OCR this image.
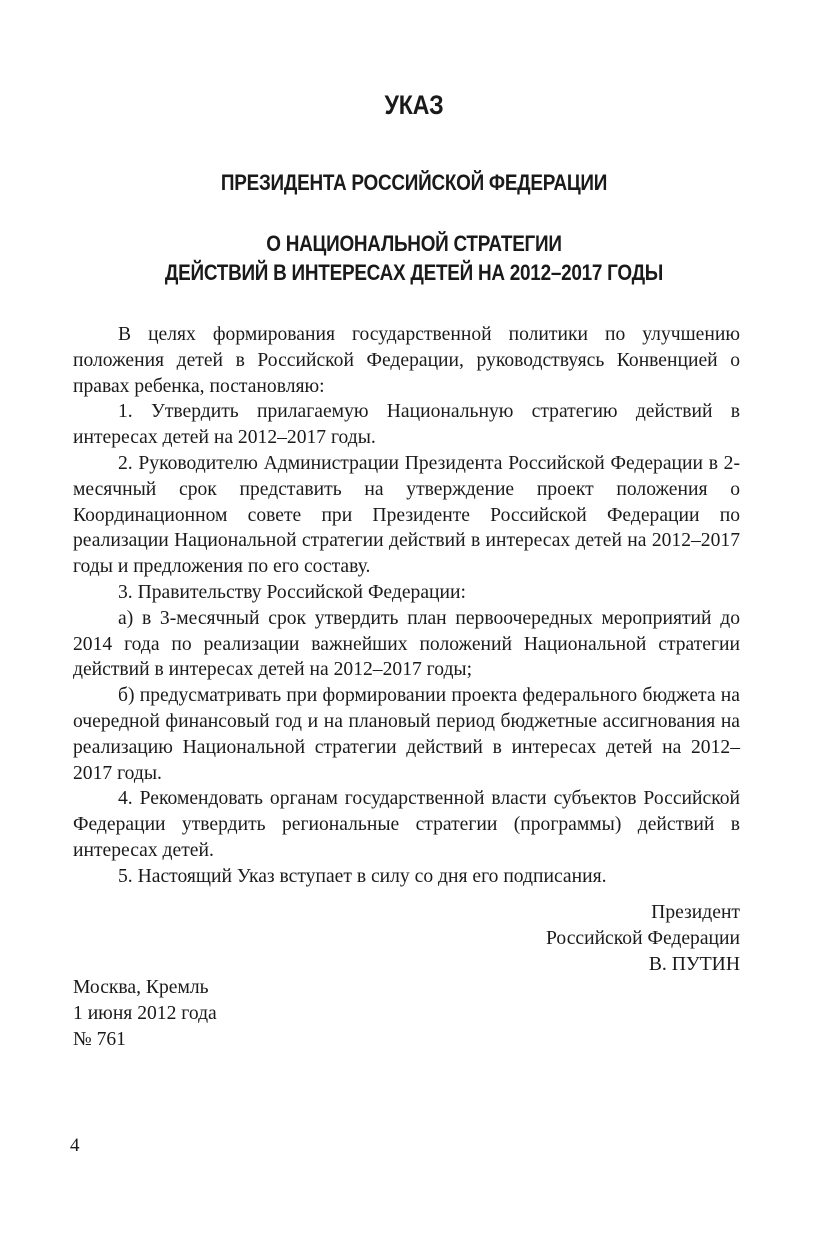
УКАЗ
ПРЕЗИДЕНТА РОССИЙСКОЙ ФЕДЕРАЦИИ
О НАЦИОНАЛЬНОЙ СТРАТЕГИИ
ДЕЙСТВИЙ В ИНТЕРЕСАХ ДЕТЕЙ НА 2012–2017 ГОДЫ

В целях формирования государственной политики по улучшению положения детей в Российской Федерации, руководствуясь Конвенцией о правах ребенка, постановляю:

1. Утвердить прилагаемую Национальную стратегию действий в интересах детей на 2012–2017 годы.

2. Руководителю Администрации Президента Российской Федерации в 2-месячный срок представить на утверждение проект положения о Координационном совете при Президенте Российской Федерации по реализации Национальной стратегии действий в интересах детей на 2012–2017 годы и предложения по его составу.

3. Правительству Российской Федерации:

а) в 3-месячный срок утвердить план первоочередных мероприятий до 2014 года по реализации важнейших положений Национальной стратегии действий в интересах детей на 2012–2017 годы;

б) предусматривать при формировании проекта федерального бюджета на очередной финансовый год и на плановый период бюджетные ассигнования на реализацию Национальной стратегии действий в интересах детей на 2012–2017 годы.

4. Рекомендовать органам государственной власти субъектов Российской Федерации утвердить региональные стратегии (программы) действий в интересах детей.

5. Настоящий Указ вступает в силу со дня его подписания.

Президент
Российской Федерации
В. ПУТИН
Москва, Кремль
1 июня 2012 года
№ 761
4
